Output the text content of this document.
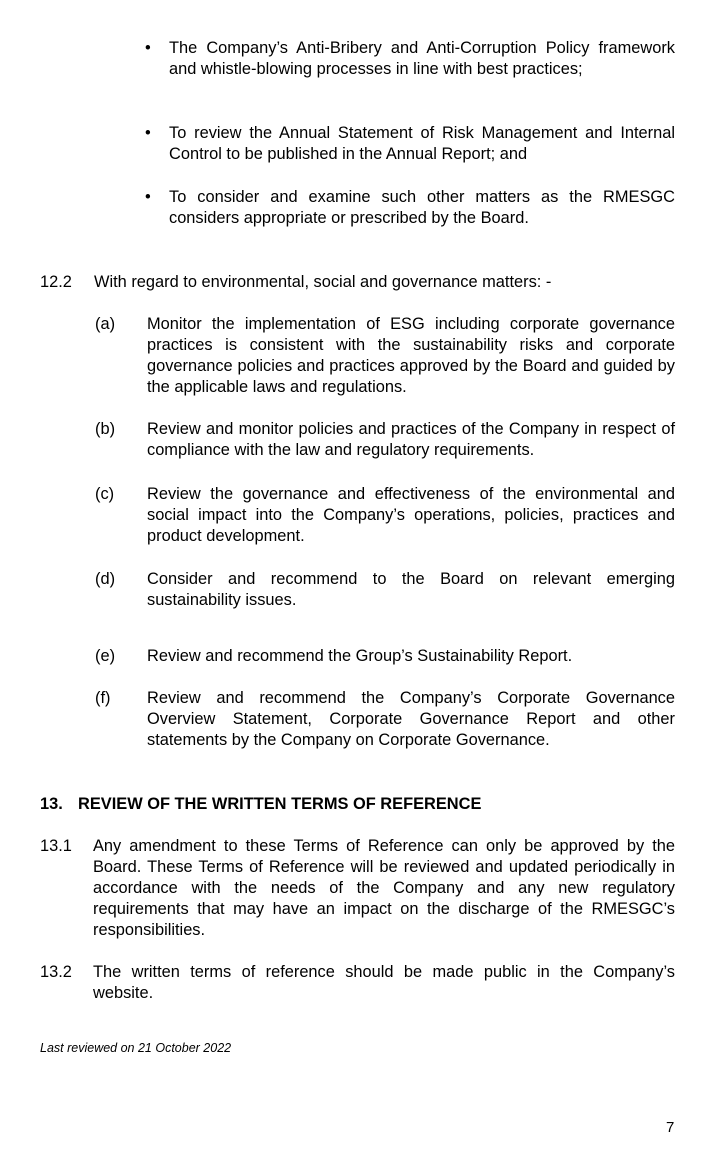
•	The Company’s Anti-Bribery and Anti-Corruption Policy framework and whistle-blowing processes in line with best practices;
•	To review the Annual Statement of Risk Management and Internal Control to be published in the Annual Report; and
•	To consider and examine such other matters as the RMESGC considers appropriate or prescribed by the Board.
12.2 With regard to environmental, social and governance matters: -
(a) Monitor the implementation of ESG including corporate governance practices is consistent with the sustainability risks and corporate governance policies and practices approved by the Board and guided by the applicable laws and regulations.
(b) Review and monitor policies and practices of the Company in respect of compliance with the law and regulatory requirements.
(c) Review the governance and effectiveness of the environmental and social impact into the Company’s operations, policies, practices and product development.
(d) Consider and recommend to the Board on relevant emerging sustainability issues.
(e) Review and recommend the Group’s Sustainability Report.
(f) Review and recommend the Company’s Corporate Governance Overview Statement, Corporate Governance Report and other statements by the Company on Corporate Governance.
13. REVIEW OF THE WRITTEN TERMS OF REFERENCE
13.1 Any amendment to these Terms of Reference can only be approved by the Board. These Terms of Reference will be reviewed and updated periodically in accordance with the needs of the Company and any new regulatory requirements that may have an impact on the discharge of the RMESGC’s responsibilities.
13.2 The written terms of reference should be made public in the Company’s website.
Last reviewed on 21 October 2022
7
